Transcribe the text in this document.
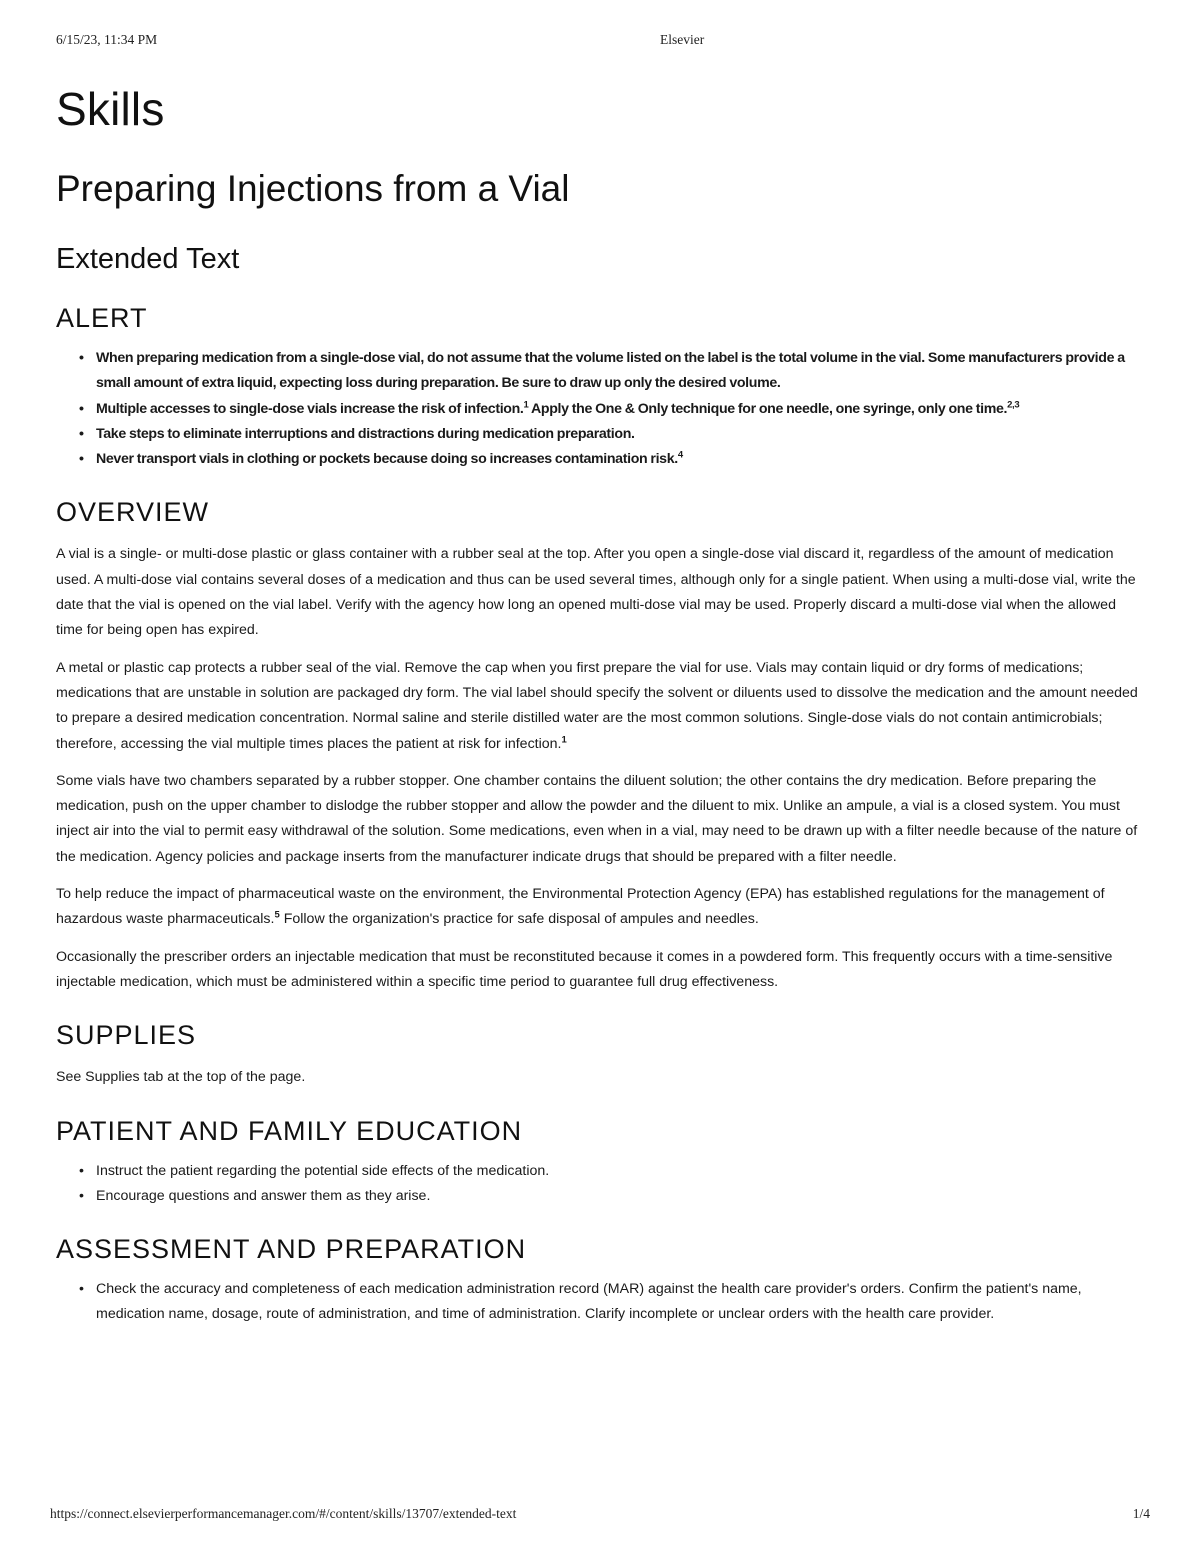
6/15/23, 11:34 PM	Elsevier
Skills
Preparing Injections from a Vial
Extended Text
ALERT
• When preparing medication from a single-dose vial, do not assume that the volume listed on the label is the total volume in the vial. Some manufacturers provide a small amount of extra liquid, expecting loss during preparation. Be sure to draw up only the desired volume.
• Multiple accesses to single-dose vials increase the risk of infection.$^1$ Apply the One & Only technique for one needle, one syringe, only one time.$^{2,3}$
• Take steps to eliminate interruptions and distractions during medication preparation.
• Never transport vials in clothing or pockets because doing so increases contamination risk.$^4$
OVERVIEW

A vial is a single- or multi-dose plastic or glass container with a rubber seal at the top. After you open a single-dose vial discard it, regardless of the amount of medication used. A multi-dose vial contains several doses of a medication and thus can be used several times, although only for a single patient. When using a multi-dose vial, write the date that the vial is opened on the vial label. Verify with the agency how long an opened multi-dose vial may be used. Properly discard a multi-dose vial when the allowed time for being open has expired.

A metal or plastic cap protects a rubber seal of the vial. Remove the cap when you first prepare the vial for use. Vials may contain liquid or dry forms of medications; medications that are unstable in solution are packaged dry form. The vial label should specify the solvent or diluents used to dissolve the medication and the amount needed to prepare a desired medication concentration. Normal saline and sterile distilled water are the most common solutions. Single-dose vials do not contain antimicrobials; therefore, accessing the vial multiple times places the patient at risk for infection.$^1$

Some vials have two chambers separated by a rubber stopper. One chamber contains the diluent solution; the other contains the dry medication. Before preparing the medication, push on the upper chamber to dislodge the rubber stopper and allow the powder and the diluent to mix. Unlike an ampule, a vial is a closed system. You must inject air into the vial to permit easy withdrawal of the solution. Some medications, even when in a vial, may need to be drawn up with a filter needle because of the nature of the medication. Agency policies and package inserts from the manufacturer indicate drugs that should be prepared with a filter needle.

To help reduce the impact of pharmaceutical waste on the environment, the Environmental Protection Agency (EPA) has established regulations for the management of hazardous waste pharmaceuticals.$^5$ Follow the organization's practice for safe disposal of ampules and needles.

Occasionally the prescriber orders an injectable medication that must be reconstituted because it comes in a powdered form. This frequently occurs with a time-sensitive injectable medication, which must be administered within a specific time period to guarantee full drug effectiveness.

SUPPLIES

See Supplies tab at the top of the page.

PATIENT AND FAMILY EDUCATION
• Instruct the patient regarding the potential side effects of the medication.
• Encourage questions and answer them as they arise.
ASSESSMENT AND PREPARATION
• Check the accuracy and completeness of each medication administration record (MAR) against the health care provider's orders. Confirm the patient's name, medication name, dosage, route of administration, and time of administration. Clarify incomplete or unclear orders with the health care provider.
https://connect.elsevierperformancemanager.com/#/content/skills/13707/extended-text	1/4
